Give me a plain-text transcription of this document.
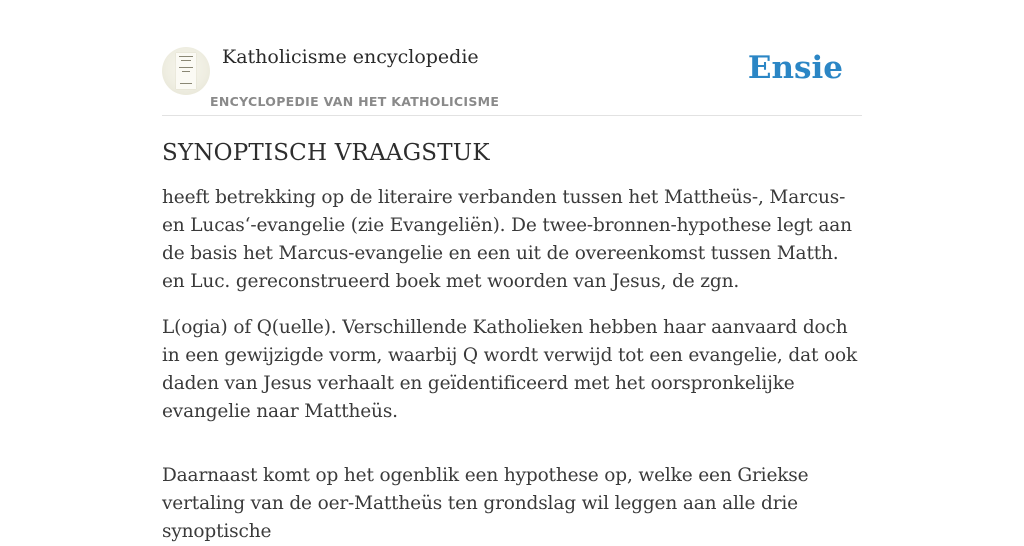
Katholicisme encyclopedie
ENCYCLOPEDIE VAN HET KATHOLICISME
Ensie
SYNOPTISCH VRAAGSTUK

heeft betrekking op de literaire verbanden tussen het Mattheüs-, Marcus- en Lucas‘-evangelie (zie Evangeliën). De twee-bronnen-hypothese legt aan de basis het Marcus-evangelie en een uit de overeenkomst tussen Matth. en Luc. gereconstrueerd boek met woorden van Jesus, de zgn.

L(ogia) of Q(uelle). Verschillende Katholieken hebben haar aanvaard doch in een gewijzigde vorm, waarbij Q wordt verwijd tot een evangelie, dat ook daden van Jesus verhaalt en geïdentificeerd met het oorspronkelijke evangelie naar Mattheüs.

Daarnaast komt op het ogenblik een hypothese op, welke een Griekse vertaling van de oer-Mattheüs ten grondslag wil leggen aan alle drie synoptische
